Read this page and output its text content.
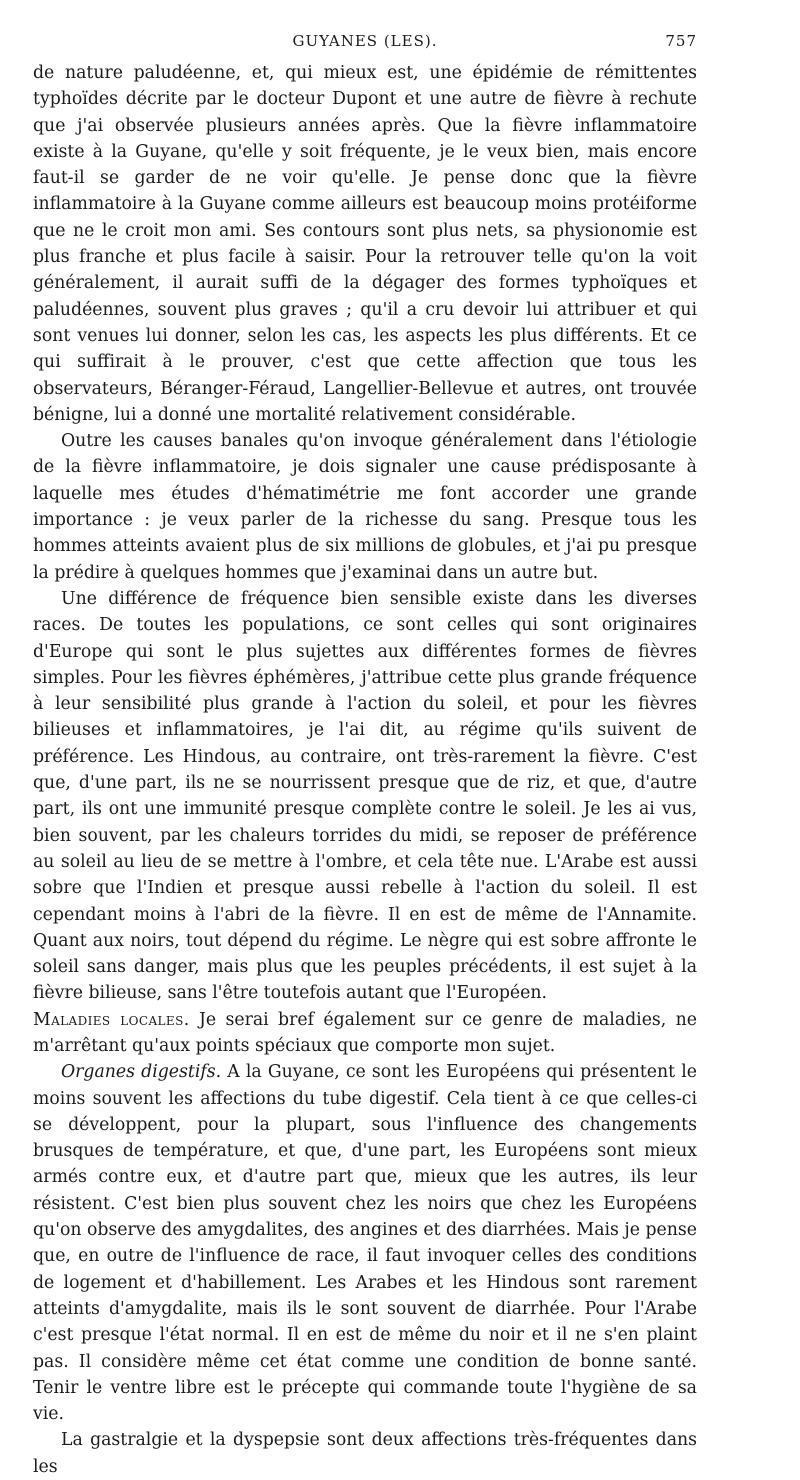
GUYANES (LES).	757

de nature paludéenne, et, qui mieux est, une épidémie de rémittentes typhoïdes décrite par le docteur Dupont et une autre de fièvre à rechute que j'ai observée plusieurs années après. Que la fièvre inflammatoire existe à la Guyane, qu'elle y soit fréquente, je le veux bien, mais encore faut-il se garder de ne voir qu'elle. Je pense donc que la fièvre inflammatoire à la Guyane comme ailleurs est beaucoup moins protéiforme que ne le croit mon ami. Ses contours sont plus nets, sa physionomie est plus franche et plus facile à saisir. Pour la retrouver telle qu'on la voit généralement, il aurait suffi de la dégager des formes typhoïques et paludéennes, souvent plus graves ; qu'il a cru devoir lui attribuer et qui sont venues lui donner, selon les cas, les aspects les plus différents. Et ce qui suffirait à le prouver, c'est que cette affection que tous les observateurs, Béranger-Féraud, Langellier-Bellevue et autres, ont trouvée bénigne, lui a donné une mortalité relativement considérable.

Outre les causes banales qu'on invoque généralement dans l'étiologie de la fièvre inflammatoire, je dois signaler une cause prédisposante à laquelle mes études d'hématimétrie me font accorder une grande importance : je veux parler de la richesse du sang. Presque tous les hommes atteints avaient plus de six millions de globules, et j'ai pu presque la prédire à quelques hommes que j'examinai dans un autre but.

Une différence de fréquence bien sensible existe dans les diverses races. De toutes les populations, ce sont celles qui sont originaires d'Europe qui sont le plus sujettes aux différentes formes de fièvres simples. Pour les fièvres éphémères, j'attribue cette plus grande fréquence à leur sensibilité plus grande à l'action du soleil, et pour les fièvres bilieuses et inflammatoires, je l'ai dit, au régime qu'ils suivent de préférence. Les Hindous, au contraire, ont très-rarement la fièvre. C'est que, d'une part, ils ne se nourrissent presque que de riz, et que, d'autre part, ils ont une immunité presque complète contre le soleil. Je les ai vus, bien souvent, par les chaleurs torrides du midi, se reposer de préférence au soleil au lieu de se mettre à l'ombre, et cela tête nue. L'Arabe est aussi sobre que l'Indien et presque aussi rebelle à l'action du soleil. Il est cependant moins à l'abri de la fièvre. Il en est de même de l'Annamite. Quant aux noirs, tout dépend du régime. Le nègre qui est sobre affronte le soleil sans danger, mais plus que les peuples précédents, il est sujet à la fièvre bilieuse, sans l'être toutefois autant que l'Européen.

Maladies locales. Je serai bref également sur ce genre de maladies, ne m'arrêtant qu'aux points spéciaux que comporte mon sujet.

Organes digestifs. A la Guyane, ce sont les Européens qui présentent le moins souvent les affections du tube digestif. Cela tient à ce que celles-ci se développent, pour la plupart, sous l'influence des changements brusques de température, et que, d'une part, les Européens sont mieux armés contre eux, et d'autre part que, mieux que les autres, ils leur résistent. C'est bien plus souvent chez les noirs que chez les Européens qu'on observe des amygdalites, des angines et des diarrhées. Mais je pense que, en outre de l'influence de race, il faut invoquer celles des conditions de logement et d'habillement. Les Arabes et les Hindous sont rarement atteints d'amygdalite, mais ils le sont souvent de diarrhée. Pour l'Arabe c'est presque l'état normal. Il en est de même du noir et il ne s'en plaint pas. Il considère même cet état comme une condition de bonne santé. Tenir le ventre libre est le précepte qui commande toute l'hygiène de sa vie.

La gastralgie et la dyspepsie sont deux affections très-fréquentes dans les
